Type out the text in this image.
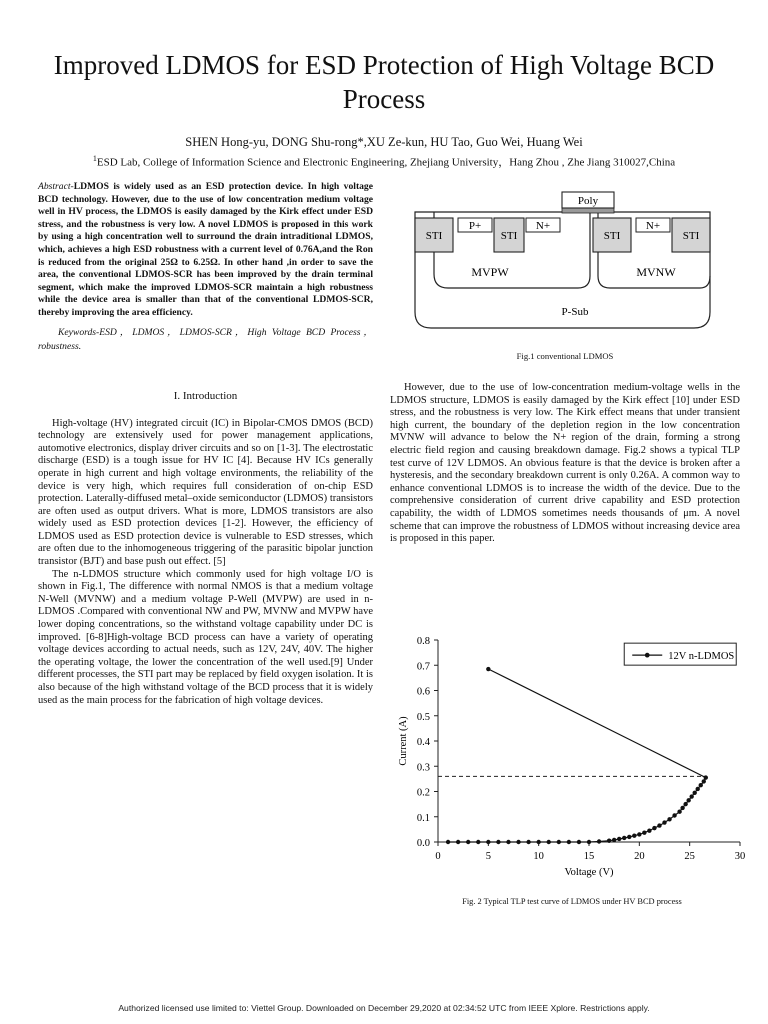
Improved LDMOS for ESD Protection of High Voltage BCD Process
SHEN Hong-yu, DONG Shu-rong*,XU Ze-kun, HU Tao, Guo Wei, Huang Wei
$^1$ESD Lab, College of Information Science and Electronic Engineering, Zhejiang University，Hang Zhou , Zhe Jiang 310027,China

Abstract-LDMOS is widely used as an ESD protection device. In high voltage BCD technology. However, due to the use of low concentration medium voltage well in HV process, the LDMOS is easily damaged by the Kirk effect under ESD stress, and the robustness is very low. A novel LDMOS is proposed in this work by using a high concentration well to surround the drain intraditional LDMOS, which, achieves a high ESD robustness with a current level of 0.76A,and the Ron is reduced from the original 25Ω to 6.25Ω. In other hand ,in order to save the area, the conventional LDMOS-SCR has been improved by the drain terminal segment, which make the improved LDMOS-SCR maintain a high robustness while the device area is smaller than that of the conventional LDMOS-SCR, thereby improving the area efficiency.

Keywords-ESD，LDMOS，LDMOS-SCR，High Voltage BCD Process，robustness.

I. Introduction

High-voltage (HV) integrated circuit (IC) in Bipolar-CMOS DMOS (BCD) technology are extensively used for power management applications, automotive electronics, display driver circuits and so on [1-3]. The electrostatic discharge (ESD) is a tough issue for HV IC [4]. Because HV ICs generally operate in high current and high voltage environments, the reliability of the device is very high, which requires full consideration of on-chip ESD protection. Laterally-diffused metal–oxide semiconductor (LDMOS) transistors are often used as output drivers. What is more, LDMOS transistors are also widely used as ESD protection devices [1-2]. However, the efficiency of LDMOS used as ESD protection device is vulnerable to ESD stresses, which are often due to the inhomogeneous triggering of the parasitic bipolar junction transistor (BJT) and base push out effect. [5]

The n-LDMOS structure which commonly used for high voltage I/O is shown in Fig.1, The difference with normal NMOS is that a medium voltage N-Well (MVNW) and a medium voltage P-Well (MVPW) are used in n-LDMOS .Compared with conventional NW and PW, MVNW and MVPW have lower doping concentrations, so the withstand voltage capability under DC is improved. [6-8]High-voltage BCD process can have a variety of operating voltage devices according to actual needs, such as 12V, 24V, 40V. The higher the operating voltage, the lower the concentration of the well used.[9] Under different processes, the STI part may be replaced by field oxygen isolation. It is also because of the high withstand voltage of the BCD process that it is widely used as the main process for the fabrication of high voltage devices.

Poly
STI	STI	STI	STI
P+	N+	N+
MVPW	MVNW
P-Sub
Fig.1 conventional LDMOS

However, due to the use of low-concentration medium-voltage wells in the LDMOS structure, LDMOS is easily damaged by the Kirk effect [10] under ESD stress, and the robustness is very low. The Kirk effect means that under transient high current, the boundary of the depletion region in the low concentration MVNW will advance to below the N+ region of the drain, forming a strong electric field region and causing breakdown damage. Fig.2 shows a typical TLP test curve of 12V LDMOS. An obvious feature is that the device is broken after a hysteresis, and the secondary breakdown current is only 0.26A. A common way to enhance conventional LDMOS is to increase the width of the device. Due to the comprehensive consideration of current drive capability and ESD protection capability, the width of LDMOS sometimes needs thousands of μm. A novel scheme that can improve the robustness of LDMOS without increasing device area is proposed in this paper.

0	5	10	15	20	25	30
0.0
0.1
0.2
0.3
0.4
0.5
0.6
0.7
0.8
Voltage (V)
Current (A)
12V n-LDMOS
Fig. 2 Typical TLP test curve of LDMOS under HV BCD process
Authorized licensed use limited to: Viettel Group. Downloaded on December 29,2020 at 02:34:52 UTC from IEEE Xplore. Restrictions apply.
